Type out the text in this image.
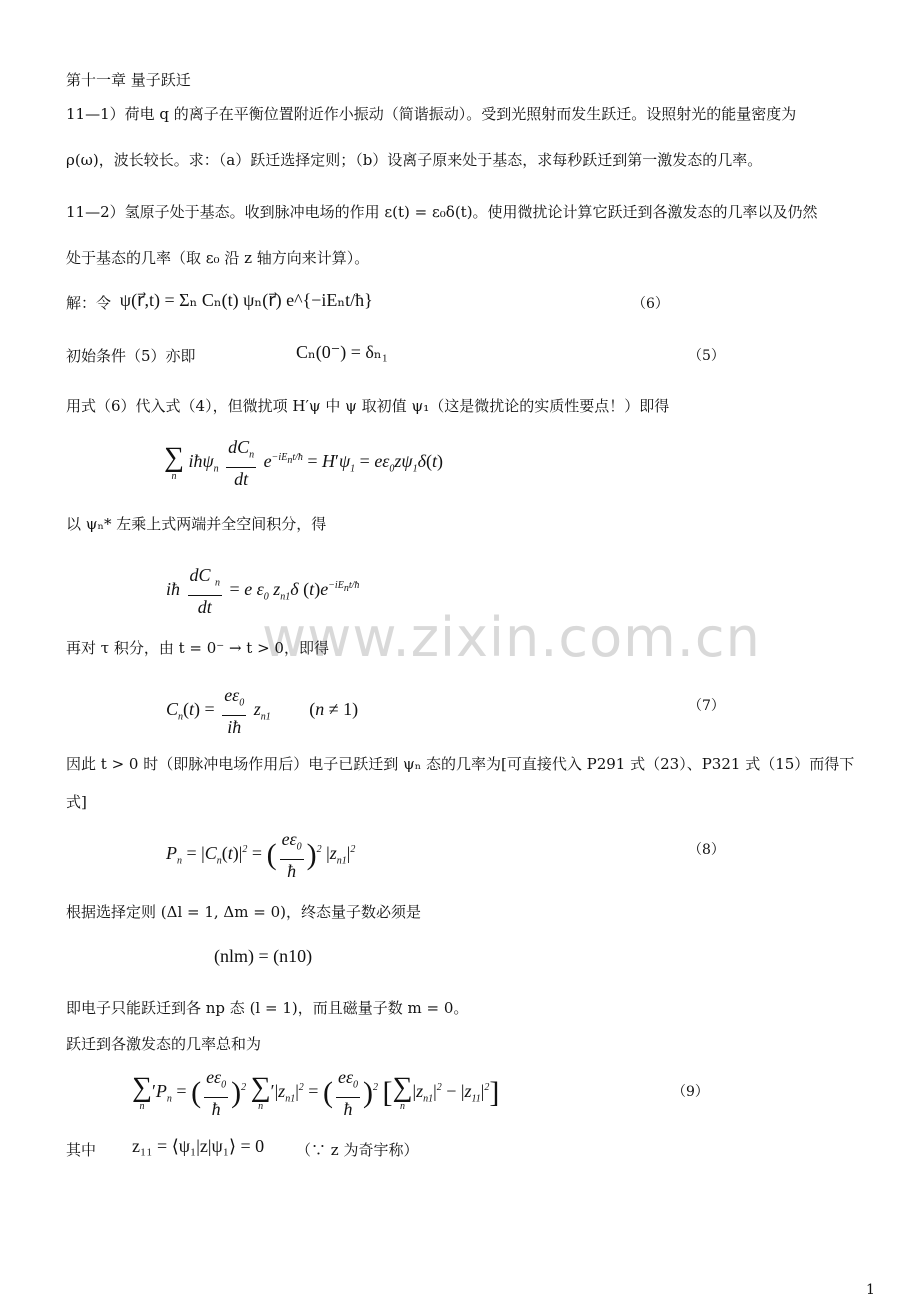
第十一章 量子跃迁
11—1）荷电 q 的离子在平衡位置附近作小振动（简谐振动）。受到光照射而发生跃迁。设照射光的能量密度为
ρ(ω)，波长较长。求：（a）跃迁选择定则；（b）设离子原来处于基态，求每秒跃迁到第一激发态的几率。
11—2）氢原子处于基态。收到脉冲电场的作用 ε(t) = ε₀δ(t)。使用微扰论计算它跃迁到各激发态的几率以及仍然
处于基态的几率（取 ε₀ 沿 z 轴方向来计算）。
解：令 ψ(r⃗,t) = Σₙ Cₙ(t) ψₙ(r⃗) e^{−iEₙt/ħ}	（6）
初始条件（5）亦即	Cₙ(0⁻) = δₙ₁	（5）
用式（6）代入式（4），但微扰项 H′ψ 中 ψ 取初值 ψ₁（这是微扰论的实质性要点！）即得
∑
n
iħψ$_n$ $\frac{dC_n}{dt} e^{-iE_nt/ħ} = H'\psi_1 = e\varepsilon_0z\psi_1\delta(t)$
以 ψₙ* 左乘上式两端并全空间积分，得
iħ $\frac{dC _n}{dt} = e$ $\varepsilon_0$ $z_{n1}\delta$ $(t)e^{-iE_nt/ħ}$
www.zixin.com.cn
再对 τ 积分，由 t = 0⁻ → t > 0，即得
$C_n(t) = \frac{e\varepsilon_0}{iħ} z_{n1}$ (n ≠ 1)	（7）
因此 t > 0 时（即脉冲电场作用后）电子已跃迁到 ψₙ 态的几率为[可直接代入 P291 式（23）、P321 式（15）而得下
式]
$P_n = |C_n(t)|^2$ = ( $\frac{e\varepsilon_0}{ħ} )^2$ $|z_{n1}|^2$	（8）
根据选择定则 (Δl = 1, Δm = 0)，终态量子数必须是
(nlm) = (n10)
即电子只能跃迁到各 np 态 (l = 1)，而且磁量子数 m = 0。
跃迁到各激发态的几率总和为
∑
n
$'P_n$ = ( $\frac{e\varepsilon_0}{ħ} )^2$ ∑
n
$'|z_{n1}|^2$ = ( $\frac{e\varepsilon_0}{ħ} )^2$ [ ∑
n
$|z_{n1}|^2 - |z_{11}|^2$]	（9）
其中 z₁₁ = ⟨ψ₁|z|ψ₁⟩ = 0 （∵ z 为奇宇称）
1
